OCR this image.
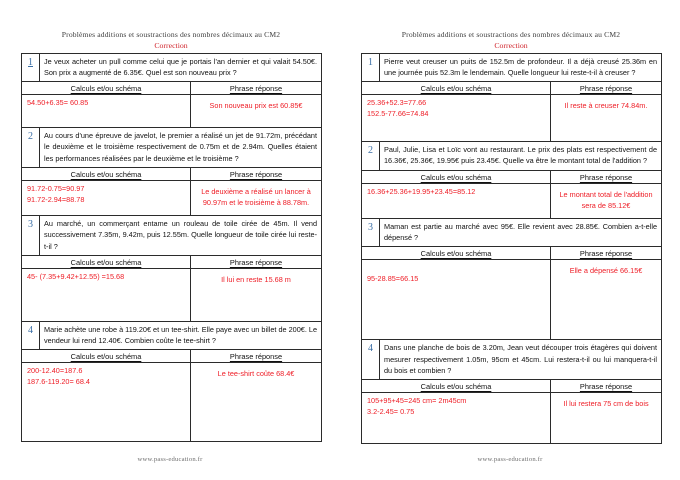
Problèmes additions et soustractions des nombres décimaux au CM2
Correction
1	Je veux acheter un pull comme celui que je portais l'an dernier et qui valait 54.50€. Son prix a augmenté de 6.35€. Quel est son nouveau prix ?	
Calculs et/ou schéma		Phrase réponse

54.50+6.35= 60.85		Son nouveau prix est 60.85€
2	Au cours d'une épreuve de javelot, le premier a réalisé un jet de 91.72m, précédant le deuxième et le troisième respectivement de 0.75m et de 2.94m. Quelles étaient les performances réalisées par le deuxième et le troisième ?	
Calculs et/ou schéma		Phrase réponse

91.72-0.75=90.97
91.72-2.94=88.78		Le deuxième a réalisé un lancer à 90.97m et le troisième à 88.78m.
3	Au marché, un commerçant entame un rouleau de toile cirée de 45m. Il vend successivement 7.35m, 9.42m, puis 12.55m. Quelle longueur de toile cirée lui reste-t-il ?	
Calculs et/ou schéma		Phrase réponse

45- (7.35+9.42+12.55) =15.68		Il lui en reste 15.68 m
4	Marie achète une robe à 119.20€ et un tee-shirt. Elle paye avec un billet de 200€. Le vendeur lui rend 12.40€. Combien coûte le tee-shirt ?	
Calculs et/ou schéma		Phrase réponse

200-12.40=187.6
187.6-119.20= 68.4		Le tee-shirt coûte 68.4€
www.pass-education.fr
Problèmes additions et soustractions des nombres décimaux au CM2
Correction
1	Pierre veut creuser un puits de 152.5m de profondeur. Il a déjà creusé 25.36m en une journée puis 52.3m le lendemain. Quelle longueur lui reste-t-il à creuser ?	
Calculs et/ou schéma		Phrase réponse

25.36+52.3=77.66
152.5-77.66=74.84		Il reste à creuser 74.84m.
2	Paul, Julie, Lisa et Loïc vont au restaurant. Le prix des plats est respectivement de 16.36€, 25.36€, 19.95€ puis 23.45€. Quelle va être le montant total de l'addition ?	
Calculs et/ou schéma		Phrase réponse

16.36+25.36+19.95+23.45=85.12		Le montant total de l'addition sera de 85.12€
3	Maman est partie au marché avec 95€. Elle revient avec 28.85€. Combien a-t-elle dépensé ?	
Calculs et/ou schéma		Phrase réponse

95-28.85=66.15		Elle a dépensé 66.15€
4	Dans une planche de bois de 3.20m, Jean veut découper trois étagères qui doivent mesurer respectivement 1.05m, 95cm et 45cm. Lui restera-t-il ou lui manquera-t-il du bois et combien ?	
Calculs et/ou schéma		Phrase réponse

105+95+45=245 cm= 2m45cm
3.2-2.45= 0.75		Il lui restera 75 cm de bois
www.pass-education.fr
